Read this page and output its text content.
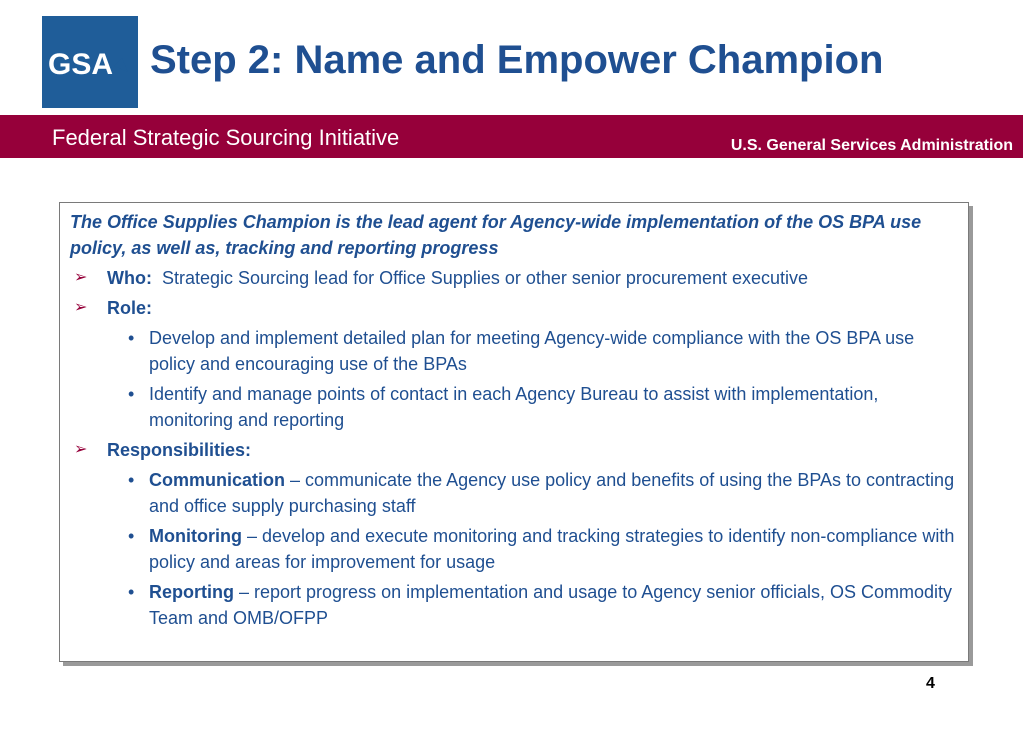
GSA Step 2: Name and Empower Champion
Federal Strategic Sourcing Initiative	U.S. General Services Administration
The Office Supplies Champion is the lead agent for Agency-wide implementation of the OS BPA use policy, as well as, tracking and reporting progress
➢ Who: Strategic Sourcing lead for Office Supplies or other senior procurement executive
➢ Role:
• Develop and implement detailed plan for meeting Agency-wide compliance with the OS BPA use policy and encouraging use of the BPAs
• Identify and manage points of contact in each Agency Bureau to assist with implementation, monitoring and reporting
➢ Responsibilities:
• Communication – communicate the Agency use policy and benefits of using the BPAs to contracting and office supply purchasing staff
• Monitoring – develop and execute monitoring and tracking strategies to identify non-compliance with policy and areas for improvement for usage
• Reporting – report progress on implementation and usage to Agency senior officials, OS Commodity Team and OMB/OFPP
4
